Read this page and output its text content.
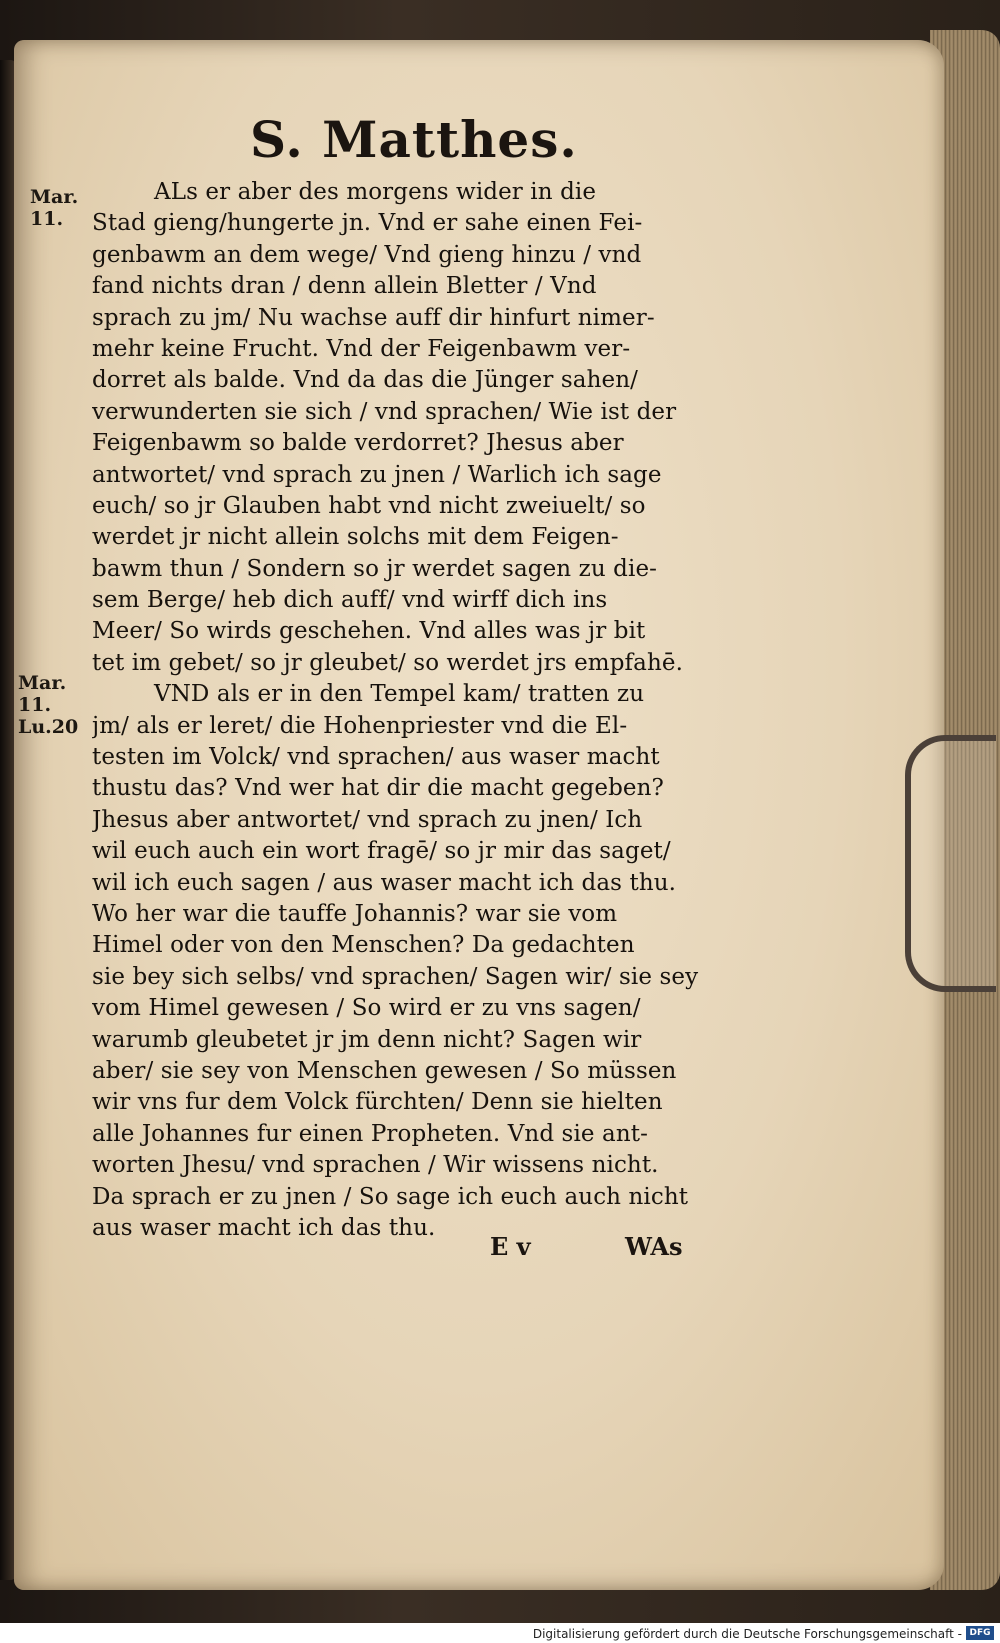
S. Matthes.
Mar.
11.
Mar.
11.
Lu.20
ALs er aber des morgens wider in die
Stad gieng/hungerte jn. Vnd er sahe einen Fei-
genbawm an dem wege/ Vnd gieng hinzu / vnd
fand nichts dran / denn allein Bletter / Vnd
sprach zu jm/ Nu wachse auff dir hinfurt nimer-
mehr keine Frucht. Vnd der Feigenbawm ver-
dorret als balde. Vnd da das die Jünger sahen/
verwunderten sie sich / vnd sprachen/ Wie ist der
Feigenbawm so balde verdorret? Jhesus aber
antwortet/ vnd sprach zu jnen / Warlich ich sage
euch/ so jr Glauben habt vnd nicht zweiuelt/ so
werdet jr nicht allein solchs mit dem Feigen-
bawm thun / Sondern so jr werdet sagen zu die-
sem Berge/ heb dich auff/ vnd wirff dich ins
Meer/ So wirds geschehen. Vnd alles was jr bit
tet im gebet/ so jr gleubet/ so werdet jrs empfahē.
VND als er in den Tempel kam/ tratten zu
jm/ als er leret/ die Hohenpriester vnd die El-
testen im Volck/ vnd sprachen/ aus waser macht
thustu das? Vnd wer hat dir die macht gegeben?
Jhesus aber antwortet/ vnd sprach zu jnen/ Ich
wil euch auch ein wort fragē/ so jr mir das saget/
wil ich euch sagen / aus waser macht ich das thu.
Wo her war die tauffe Johannis? war sie vom
Himel oder von den Menschen? Da gedachten
sie bey sich selbs/ vnd sprachen/ Sagen wir/ sie sey
vom Himel gewesen / So wird er zu vns sagen/
warumb gleubetet jr jm denn nicht? Sagen wir
aber/ sie sey von Menschen gewesen / So müssen
wir vns fur dem Volck fürchten/ Denn sie hielten
alle Johannes fur einen Propheten. Vnd sie ant-
worten Jhesu/ vnd sprachen / Wir wissens nicht.
Da sprach er zu jnen / So sage ich euch auch nicht
aus waser macht ich das thu.
E v	WAs
Digitalisierung gefördert durch die Deutsche Forschungsgemeinschaft - DFG
